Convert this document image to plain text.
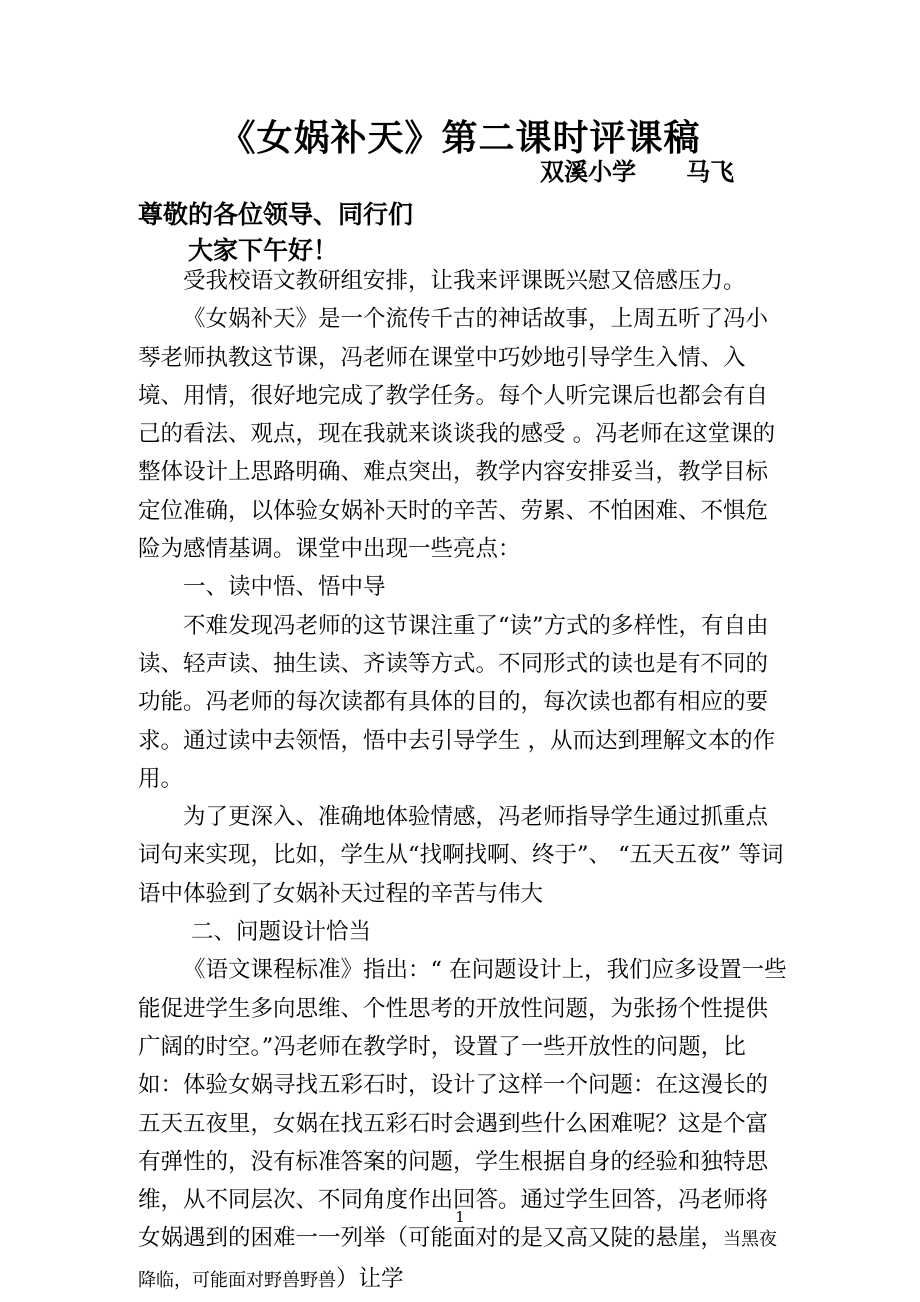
《女娲补天》第二课时评课稿
双溪小学      马飞
尊敬的各位领导、同行们
大家下午好！

受我校语文教研组安排，让我来评课既兴慰又倍感压力。

《女娲补天》是一个流传千古的神话故事，上周五听了冯小琴老师执教这节课，冯老师在课堂中巧妙地引导学生入情、入境、用情，很好地完成了教学任务。每个人听完课后也都会有自己的看法、观点，现在我就来谈谈我的感受 。冯老师在这堂课的整体设计上思路明确、难点突出，教学内容安排妥当，教学目标定位准确，以体验女娲补天时的辛苦、劳累、不怕困难、不惧危险为感情基调。课堂中出现一些亮点：

一、读中悟、悟中导

不难发现冯老师的这节课注重了“读”方式的多样性，有自由读、轻声读、抽生读、齐读等方式。不同形式的读也是有不同的功能。冯老师的每次读都有具体的目的，每次读也都有相应的要求。通过读中去领悟，悟中去引导学生 ，从而达到理解文本的作用。

为了更深入、准确地体验情感，冯老师指导学生通过抓重点词句来实现，比如，学生从“找啊找啊、终于”、 “五天五夜” 等词语中体验到了女娲补天过程的辛苦与伟大

二、问题设计恰当

《语文课程标准》指出：“ 在问题设计上，我们应多设置一些能促进学生多向思维、个性思考的开放性问题，为张扬个性提供广阔的时空。”冯老师在教学时，设置了一些开放性的问题，比如：体验女娲寻找五彩石时，设计了这样一个问题：在这漫长的五天五夜里，女娲在找五彩石时会遇到些什么困难呢？这是个富有弹性的，没有标准答案的问题，学生根据自身的经验和独特思维，从不同层次、不同角度作出回答。通过学生回答，冯老师将女娲遇到的困难一一列举（可能面对的是又高又陡的悬崖，当黑夜降临，可能面对野兽野兽）让学

1
